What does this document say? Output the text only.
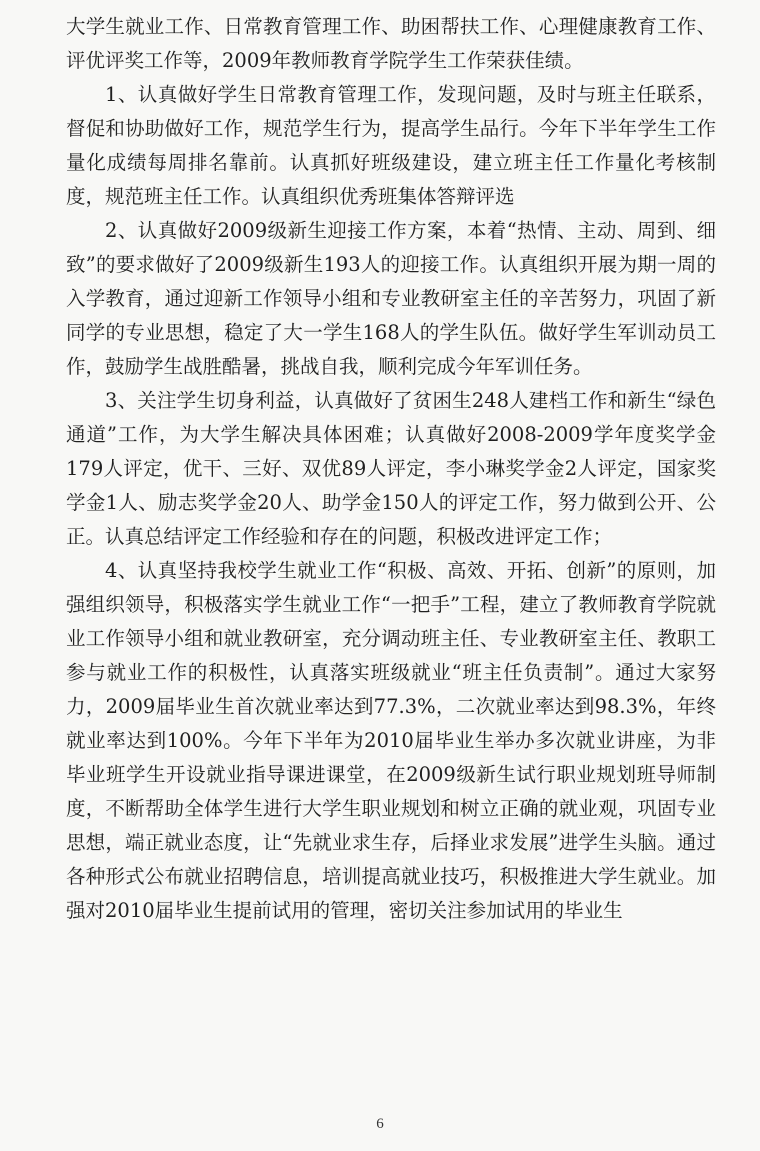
大学生就业工作、日常教育管理工作、助困帮扶工作、心理健康教育工作、评优评奖工作等，2009年教师教育学院学生工作荣获佳绩。

1、认真做好学生日常教育管理工作，发现问题，及时与班主任联系，督促和协助做好工作，规范学生行为，提高学生品行。今年下半年学生工作量化成绩每周排名靠前。认真抓好班级建设，建立班主任工作量化考核制度，规范班主任工作。认真组织优秀班集体答辩评选

2、认真做好2009级新生迎接工作方案，本着“热情、主动、周到、细致”的要求做好了2009级新生193人的迎接工作。认真组织开展为期一周的入学教育，通过迎新工作领导小组和专业教研室主任的辛苦努力，巩固了新同学的专业思想，稳定了大一学生168人的学生队伍。做好学生军训动员工作，鼓励学生战胜酷暑，挑战自我，顺利完成今年军训任务。

3、关注学生切身利益，认真做好了贫困生248人建档工作和新生“绿色通道”工作，为大学生解决具体困难；认真做好2008-2009学年度奖学金179人评定，优干、三好、双优89人评定，李小琳奖学金2人评定，国家奖学金1人、励志奖学金20人、助学金150人的评定工作，努力做到公开、公正。认真总结评定工作经验和存在的问题，积极改进评定工作；

4、认真坚持我校学生就业工作“积极、高效、开拓、创新”的原则，加强组织领导，积极落实学生就业工作“一把手”工程，建立了教师教育学院就业工作领导小组和就业教研室，充分调动班主任、专业教研室主任、教职工参与就业工作的积极性，认真落实班级就业“班主任负责制”。通过大家努力，2009届毕业生首次就业率达到77.3%，二次就业率达到98.3%，年终就业率达到100%。今年下半年为2010届毕业生举办多次就业讲座，为非毕业班学生开设就业指导课进课堂，在2009级新生试行职业规划班导师制度，不断帮助全体学生进行大学生职业规划和树立正确的就业观，巩固专业思想，端正就业态度，让“先就业求生存，后择业求发展”进学生头脑。通过各种形式公布就业招聘信息，培训提高就业技巧，积极推进大学生就业。加强对2010届毕业生提前试用的管理，密切关注参加试用的毕业生

6
